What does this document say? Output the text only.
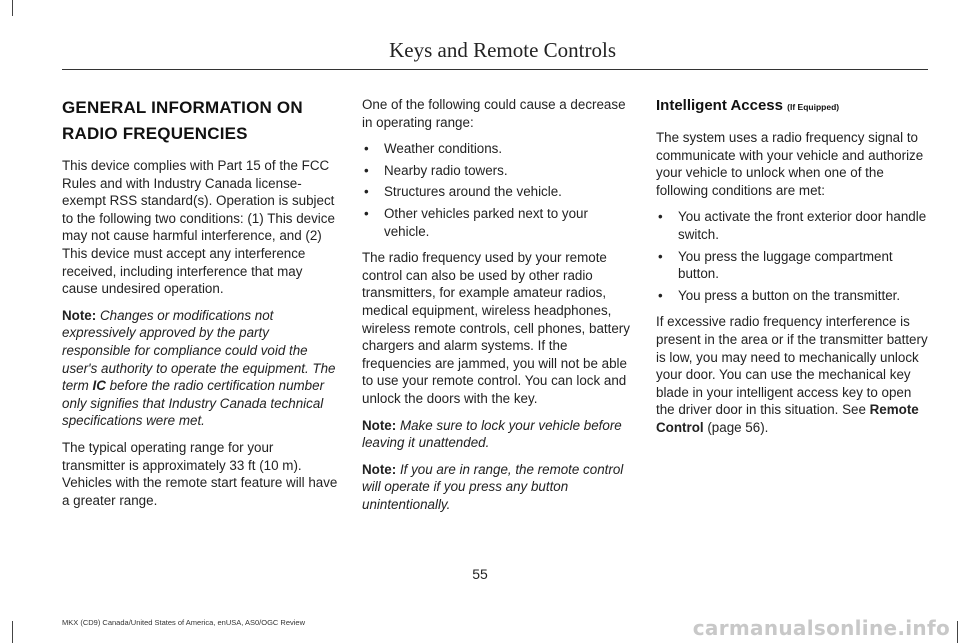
Keys and Remote Controls
GENERAL INFORMATION ON
RADIO FREQUENCIES

This device complies with Part 15 of the FCC Rules and with Industry Canada license-exempt RSS standard(s). Operation is subject to the following two conditions: (1) This device may not cause harmful interference, and (2) This device must accept any interference received, including interference that may cause undesired operation.

Note: Changes or modifications not expressively approved by the party responsible for compliance could void the user's authority to operate the equipment. The term IC before the radio certification number only signifies that Industry Canada technical specifications were met.

The typical operating range for your transmitter is approximately 33 ft (10 m). Vehicles with the remote start feature will have a greater range.

One of the following could cause a decrease in operating range:

• Weather conditions.
• Nearby radio towers.
• Structures around the vehicle.
• Other vehicles parked next to your vehicle.

The radio frequency used by your remote control can also be used by other radio transmitters, for example amateur radios, medical equipment, wireless headphones, wireless remote controls, cell phones, battery chargers and alarm systems. If the frequencies are jammed, you will not be able to use your remote control. You can lock and unlock the doors with the key.

Note: Make sure to lock your vehicle before leaving it unattended.

Note: If you are in range, the remote control will operate if you press any button unintentionally.

Intelligent Access (If Equipped)

The system uses a radio frequency signal to communicate with your vehicle and authorize your vehicle to unlock when one of the following conditions are met:

• You activate the front exterior door handle switch.
• You press the luggage compartment button.
• You press a button on the transmitter.

If excessive radio frequency interference is present in the area or if the transmitter battery is low, you may need to mechanically unlock your door. You can use the mechanical key blade in your intelligent access key to open the driver door in this situation. See Remote Control (page 56).

55
MKX (CD9) Canada/United States of America, enUSA, AS0/OGC Review	carmanualsonline.info
